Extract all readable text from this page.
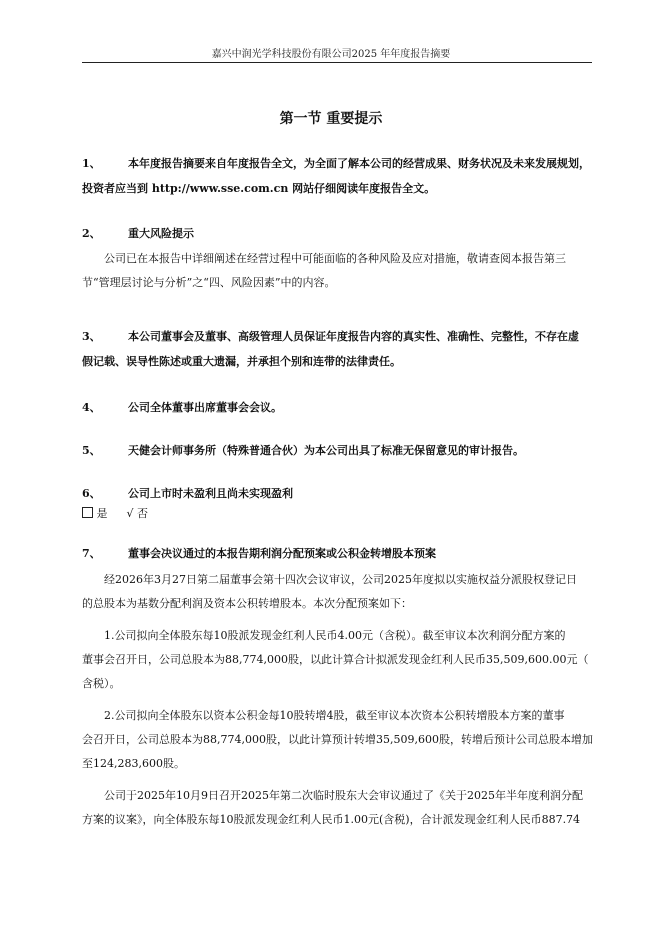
嘉兴中润光学科技股份有限公司2025 年年度报告摘要
第一节 重要提示
1、 本年度报告摘要来自年度报告全文，为全面了解本公司的经营成果、财务状况及未来发展规划，
投资者应当到 http://www.sse.com.cn 网站仔细阅读年度报告全文。
2、 重大风险提示
公司已在本报告中详细阐述在经营过程中可能面临的各种风险及应对措施，敬请查阅本报告第三
节“管理层讨论与分析”之“四、风险因素”中的内容。
3、 本公司董事会及董事、高级管理人员保证年度报告内容的真实性、准确性、完整性，不存在虚
假记载、误导性陈述或重大遗漏，并承担个别和连带的法律责任。
4、 公司全体董事出席董事会会议。
5、 天健会计师事务所（特殊普通合伙）为本公司出具了标准无保留意见的审计报告。
6、 公司上市时未盈利且尚未实现盈利
是 √ 否
7、 董事会决议通过的本报告期利润分配预案或公积金转增股本预案
经2026年3月27日第二届董事会第十四次会议审议，公司2025年度拟以实施权益分派股权登记日
的总股本为基数分配利润及资本公积转增股本。本次分配预案如下：
1.公司拟向全体股东每10股派发现金红利人民币4.00元（含税）。截至审议本次利润分配方案的
董事会召开日，公司总股本为88,774,000股，以此计算合计拟派发现金红利人民币35,509,600.00元（
含税）。
2.公司拟向全体股东以资本公积金每10股转增4股，截至审议本次资本公积转增股本方案的董事
会召开日，公司总股本为88,774,000股，以此计算预计转增35,509,600股，转增后预计公司总股本增加
至124,283,600股。
公司于2025年10月9日召开2025年第二次临时股东大会审议通过了《关于2025年半年度利润分配
方案的议案》，向全体股东每10股派发现金红利人民币1.00元(含税)，合计派发现金红利人民币887.74
